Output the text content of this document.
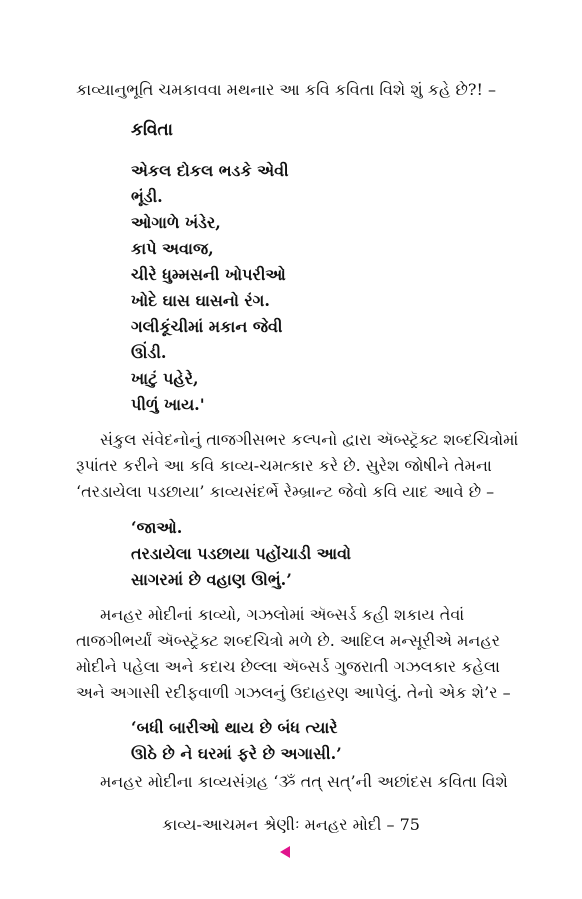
કાવ્યાનુભૂતિ ચમકાવવા મથનાર આ કવિ કવિતા વિશે શું કહે છે?! –
કવિતા
એકલ દોકલ ભડકે એવી
ભૂંડી.
ઓગાળે ખંડેર,
કાપે અવાજ,
ચીરે ધુમ્મસની ખોપરીઓ
ખોદે ઘાસ ઘાસનો રંગ.
ગલીકૂંચીમાં મકાન જેવી
ઊંડી.
ખાટું પહેરે,
પીળું ખાય.'
સંકુલ સંવેદનોનું તાજગીસભર કલ્પનો દ્વારા ઍબ્સ્ટ્રૅક્ટ શબ્દચિત્રોમાં
રૂપાંતર કરીને આ કવિ કાવ્ય-ચમત્કાર કરે છે. સુરેશ જોષીને તેમના
‘તરડાયેલા પડછાયા’ કાવ્યસંદર્ભે રેમ્બ્રાન્ટ જેવો કવિ યાદ આવે છે –
‘જાઓ.
તરડાયેલા પડછાયા પહોંચાડી આવો
સાગરમાં છે વહાણ ઊભું.’
મનહર મોદીનાં કાવ્યો, ગઝલોમાં ઍબ્સર્ડ કહી શકાય તેવાં
તાજગીભર્યાં ઍબ્સ્ટ્રૅક્ટ શબ્દચિત્રો મળે છે. આદિલ મન્સૂરીએ મનહર
મોદીને પહેલા અને કદાચ છેલ્લા ઍબ્સર્ડ ગુજરાતી ગઝલકાર કહેલા
અને અગાસી રદીફવાળી ગઝલનું ઉદાહરણ આપેલું. તેનો એક શે’ર –
‘બધી બારીઓ થાય છે બંધ ત્યારે
ઊઠે છે ને ઘરમાં ફરે છે અગાસી.’
મનહર મોદીના કાવ્યસંગ્રહ ‘ૐ તત્ સત્’ની અછાંદસ કવિતા વિશે
કાવ્ય-આચમન શ્રેણીઃ મનહર મોદી – 75
